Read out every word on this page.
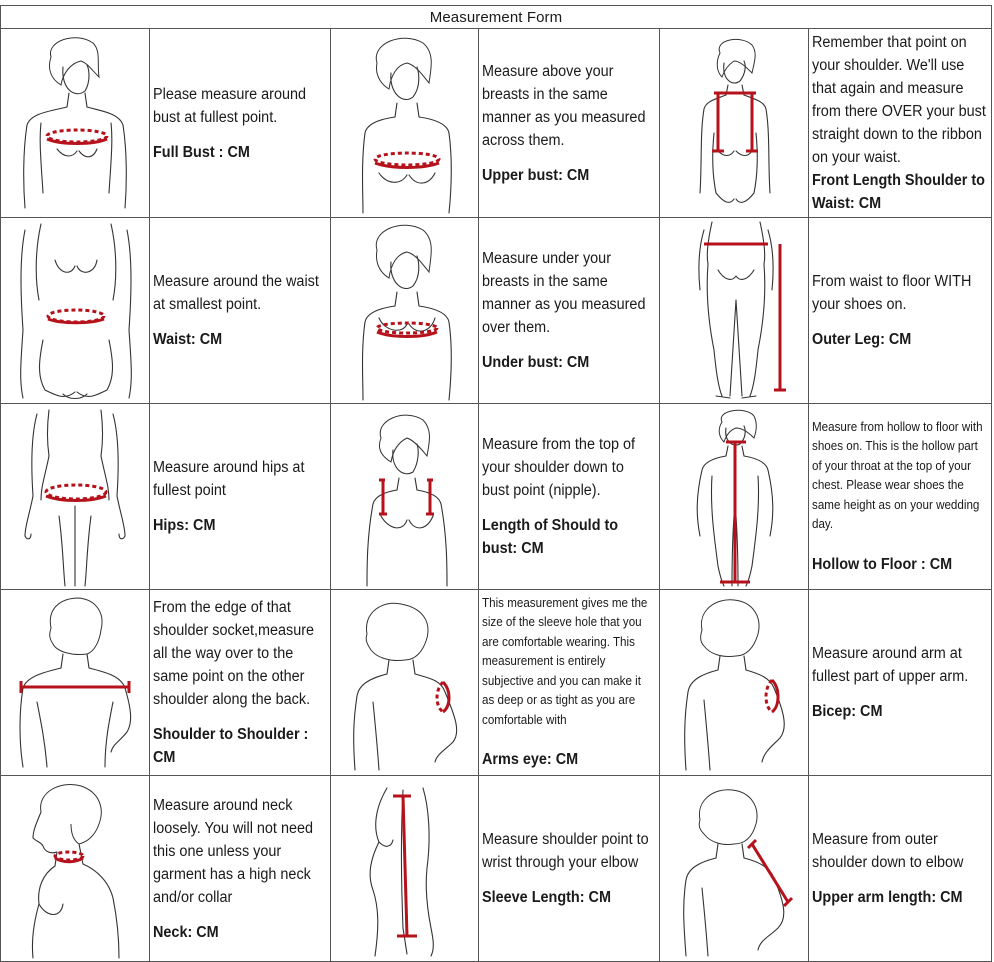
Measurement Form					

Please measure around bust at fullest point.
Full Bust : CM		Measure above your breasts in the same manner as you measured across them.
Upper bust: CM		Remember that point on your shoulder. We'll use that again and measure from there OVER your bust straight down to the ribbon on your waist.
Front Length Shoulder to Waist: CM

Measure around the waist at smallest point.
Waist: CM		Measure under your breasts in the same manner as you measured over them.
Under bust: CM		From waist to floor WITH your shoes on.
Outer Leg: CM

Measure around hips at fullest point
Hips: CM		Measure from the top of your shoulder down to bust point (nipple).
Length of Should to bust: CM		Measure from hollow to floor with shoes on. This is the hollow part of your throat at the top of your chest. Please wear shoes the same height as on your wedding day.
Hollow to Floor : CM

From the edge of that shoulder socket,measure all the way over to the same point on the other shoulder along the back.
Shoulder to Shoulder : CM		This measurement gives me the size of the sleeve hole that you are comfortable wearing. This measurement is entirely subjective and you can make it as deep or as tight as you are comfortable with
Arms eye: CM		Measure around arm at fullest part of upper arm.
Bicep: CM

Measure around neck loosely. You will not need this one unless your garment has a high neck and/or collar
Neck: CM		Measure shoulder point to wrist through your elbow
Sleeve Length: CM		Measure from outer shoulder down to elbow
Upper arm length: CM
